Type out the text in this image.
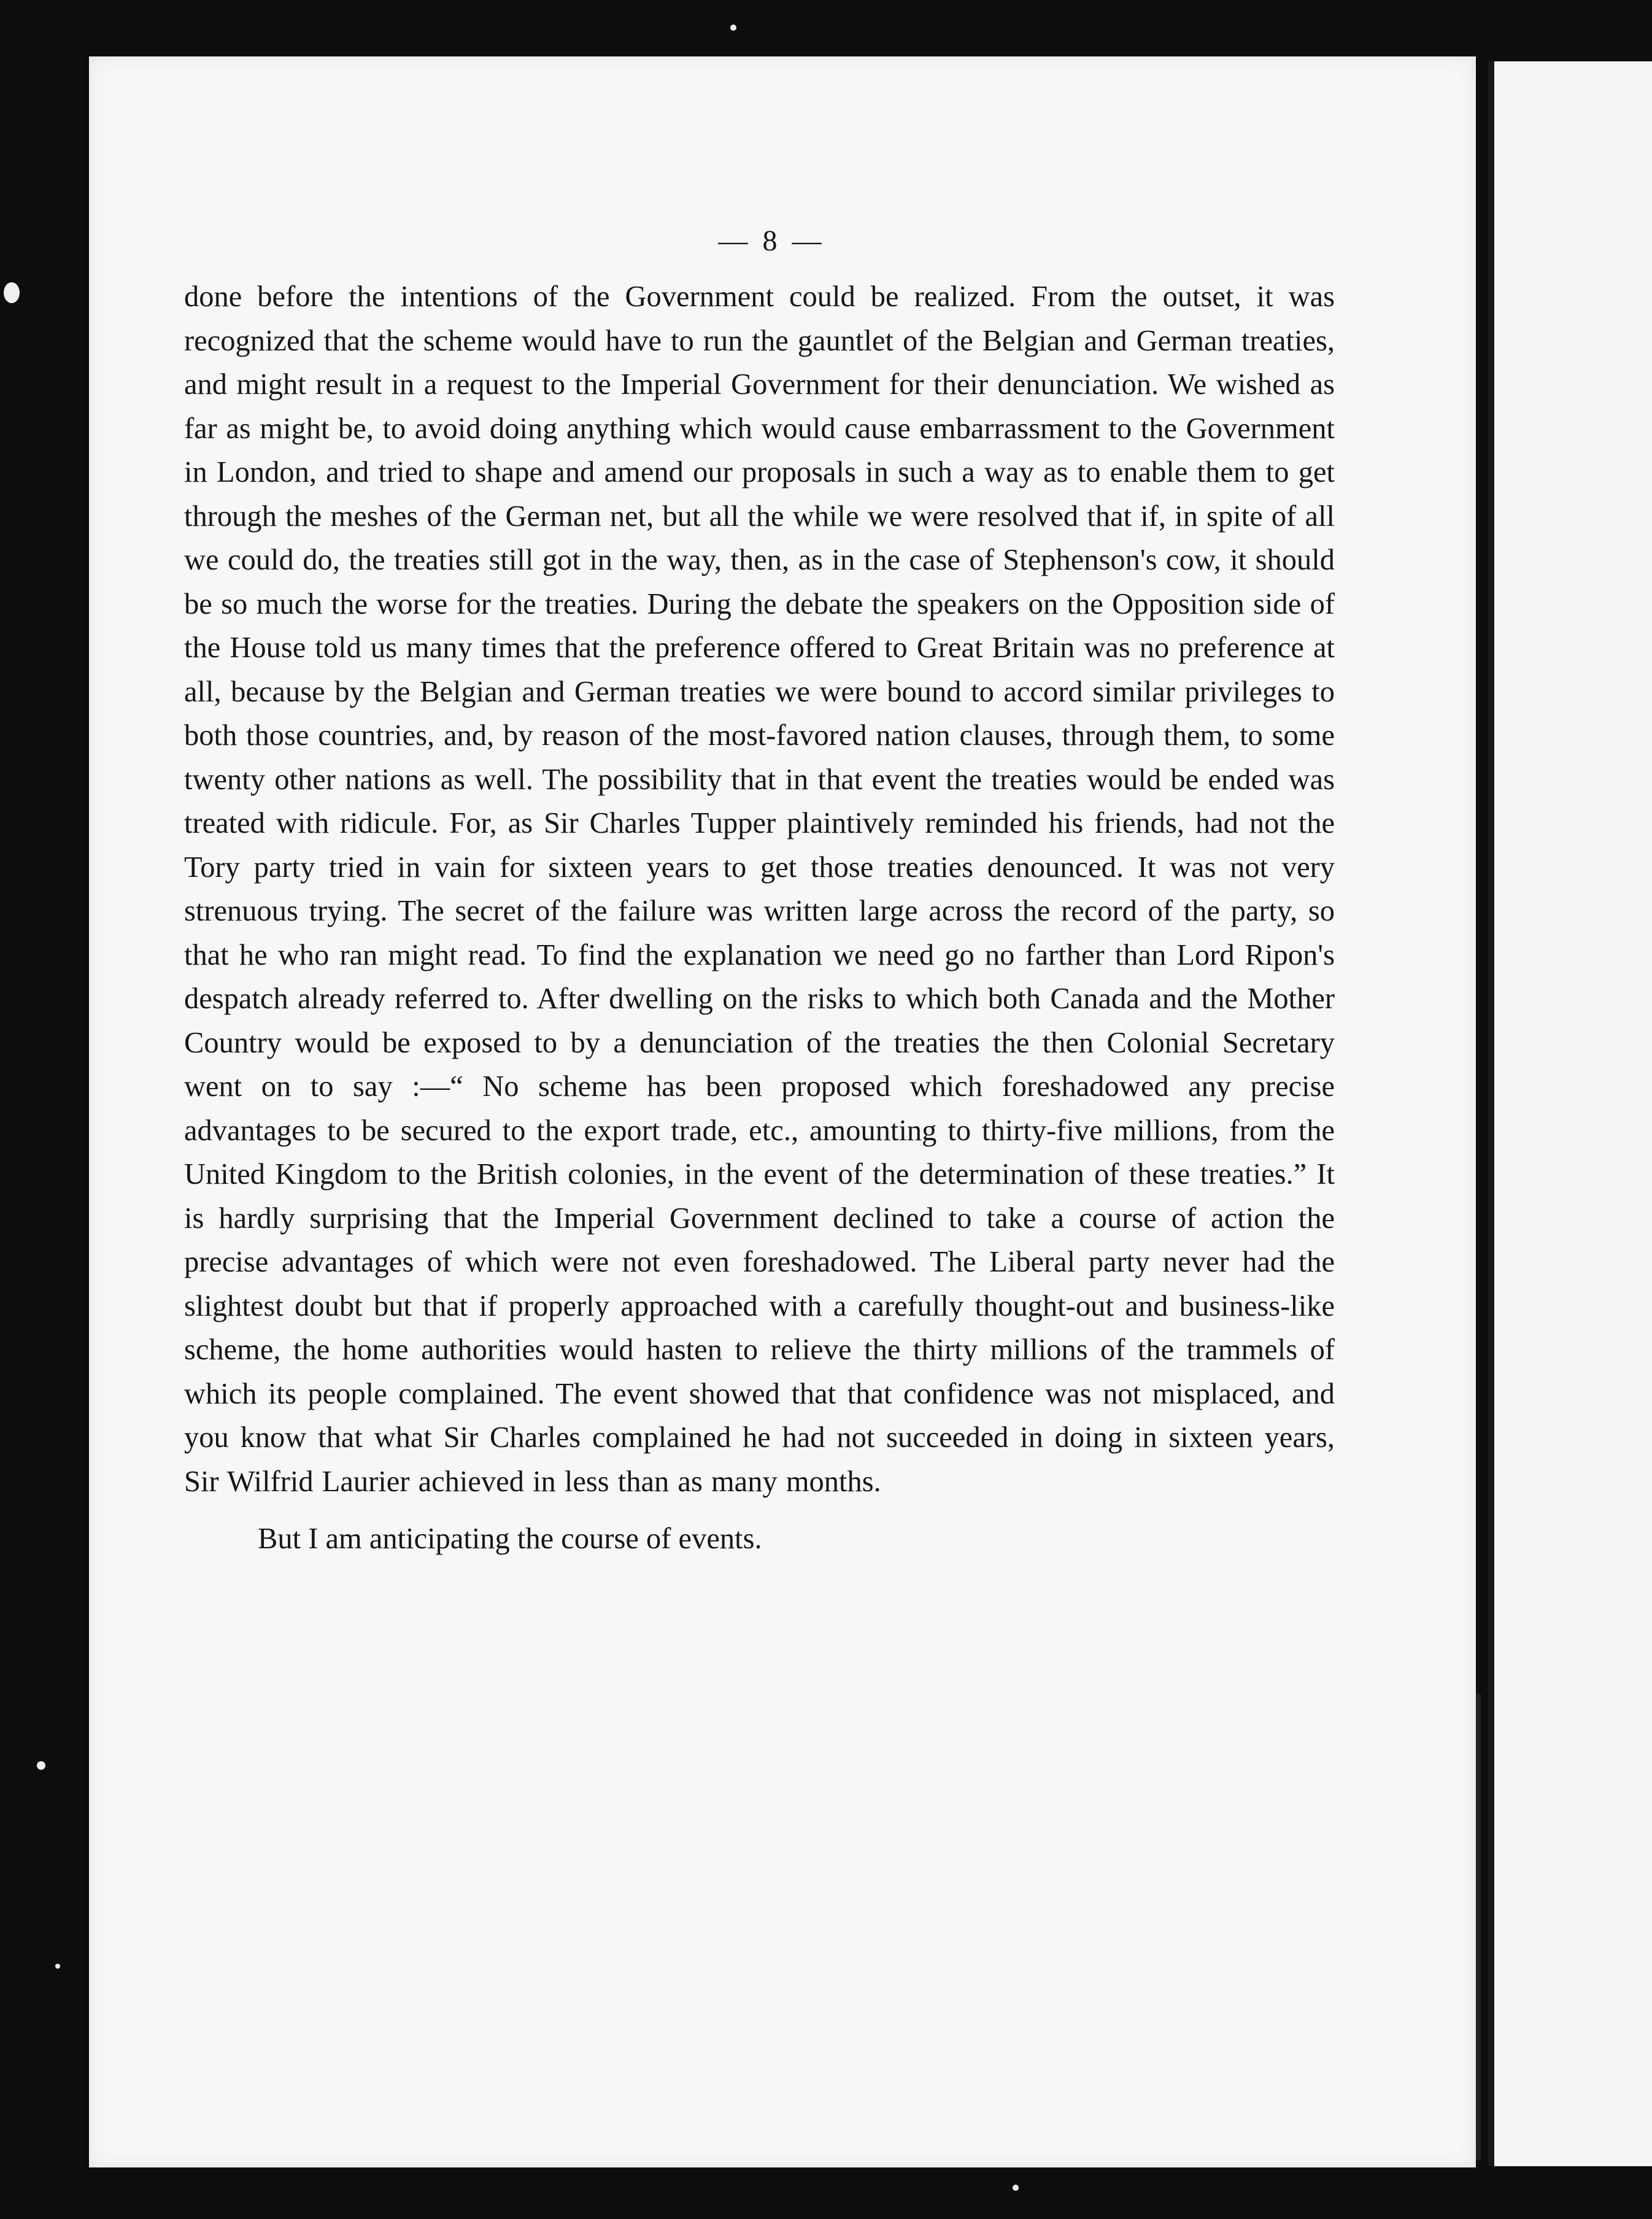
— 8 —

done before the intentions of the Government could be realized. From the outset, it was recognized that the scheme would have to run the gauntlet of the Belgian and German treaties, and might result in a request to the Imperial Government for their denunciation. We wished as far as might be, to avoid doing anything which would cause embarrassment to the Government in London, and tried to shape and amend our proposals in such a way as to enable them to get through the meshes of the German net, but all the while we were resolved that if, in spite of all we could do, the treaties still got in the way, then, as in the case of Stephenson's cow, it should be so much the worse for the treaties. During the debate the speakers on the Opposition side of the House told us many times that the preference offered to Great Britain was no preference at all, because by the Belgian and German treaties we were bound to accord similar privileges to both those countries, and, by reason of the most-favored nation clauses, through them, to some twenty other nations as well. The possibility that in that event the treaties would be ended was treated with ridicule. For, as Sir Charles Tupper plaintively reminded his friends, had not the Tory party tried in vain for sixteen years to get those treaties denounced. It was not very strenuous trying. The secret of the failure was written large across the record of the party, so that he who ran might read. To find the explanation we need go no farther than Lord Ripon's despatch already referred to. After dwelling on the risks to which both Canada and the Mother Country would be exposed to by a denunciation of the treaties the then Colonial Secretary went on to say :—“ No scheme has been proposed which foreshadowed any precise advantages to be secured to the export trade, etc., amounting to thirty-five millions, from the United Kingdom to the British colonies, in the event of the determination of these treaties.” It is hardly surprising that the Imperial Government declined to take a course of action the precise advantages of which were not even foreshadowed. The Liberal party never had the slightest doubt but that if properly approached with a carefully thought-out and business-like scheme, the home authorities would hasten to relieve the thirty millions of the trammels of which its people complained. The event showed that that confidence was not misplaced, and you know that what Sir Charles complained he had not succeeded in doing in sixteen years, Sir Wilfrid Laurier achieved in less than as many months.

But I am anticipating the course of events.
